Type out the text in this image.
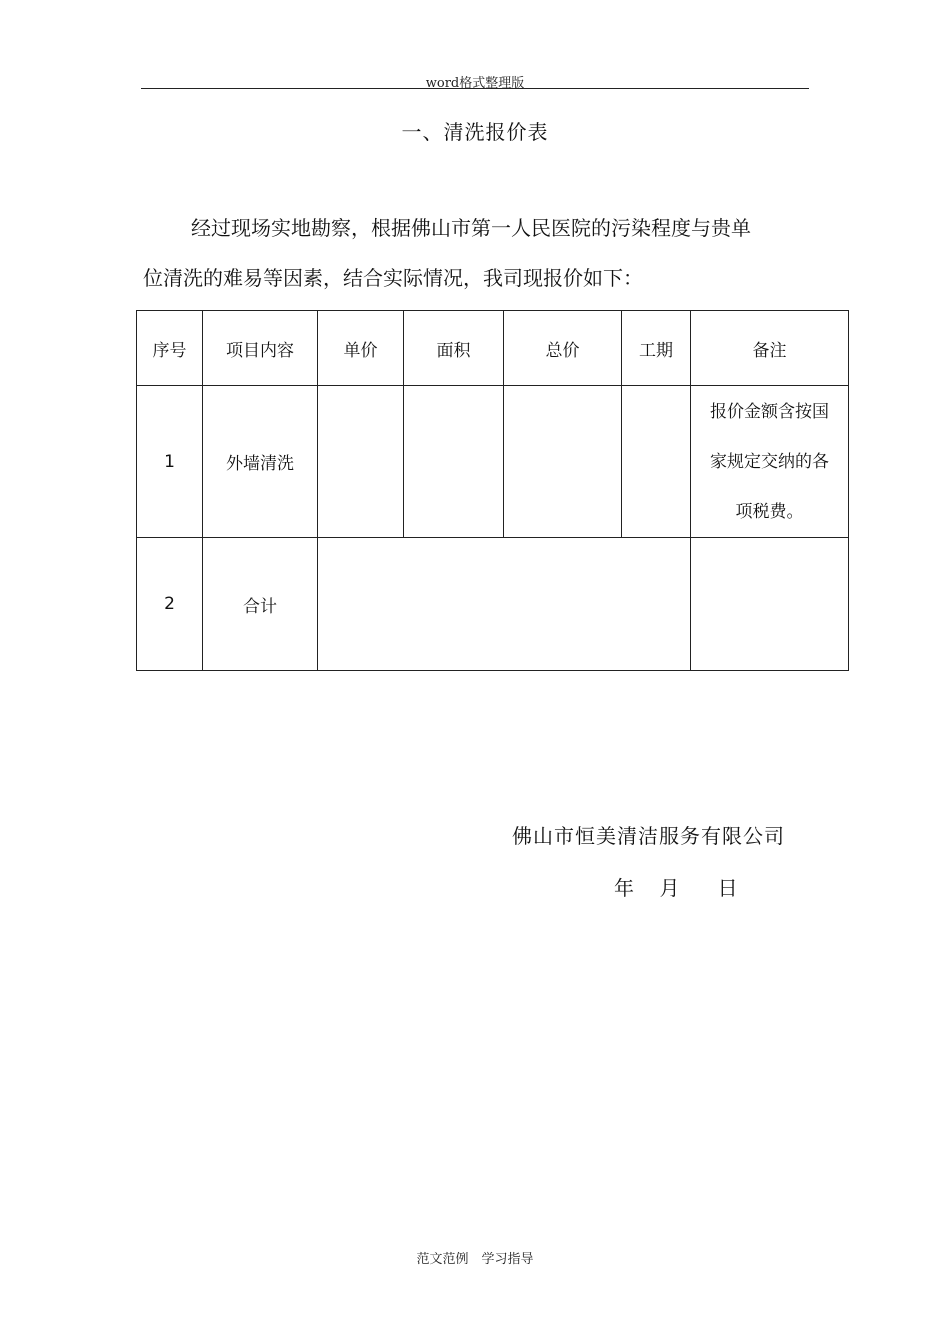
word格式整理版
一、清洗报价表
经过现场实地勘察，根据佛山市第一人民医院的污染程度与贵单
位清洗的难易等因素，结合实际情况，我司现报价如下：
序号	项目内容	单价	面积	总价	工期	备注
1	外墙清洗					报价金额含按国
家规定交纳的各
项税费。

2	合计					
佛山市恒美清洁服务有限公司
年 月 日
范文范例　学习指导
